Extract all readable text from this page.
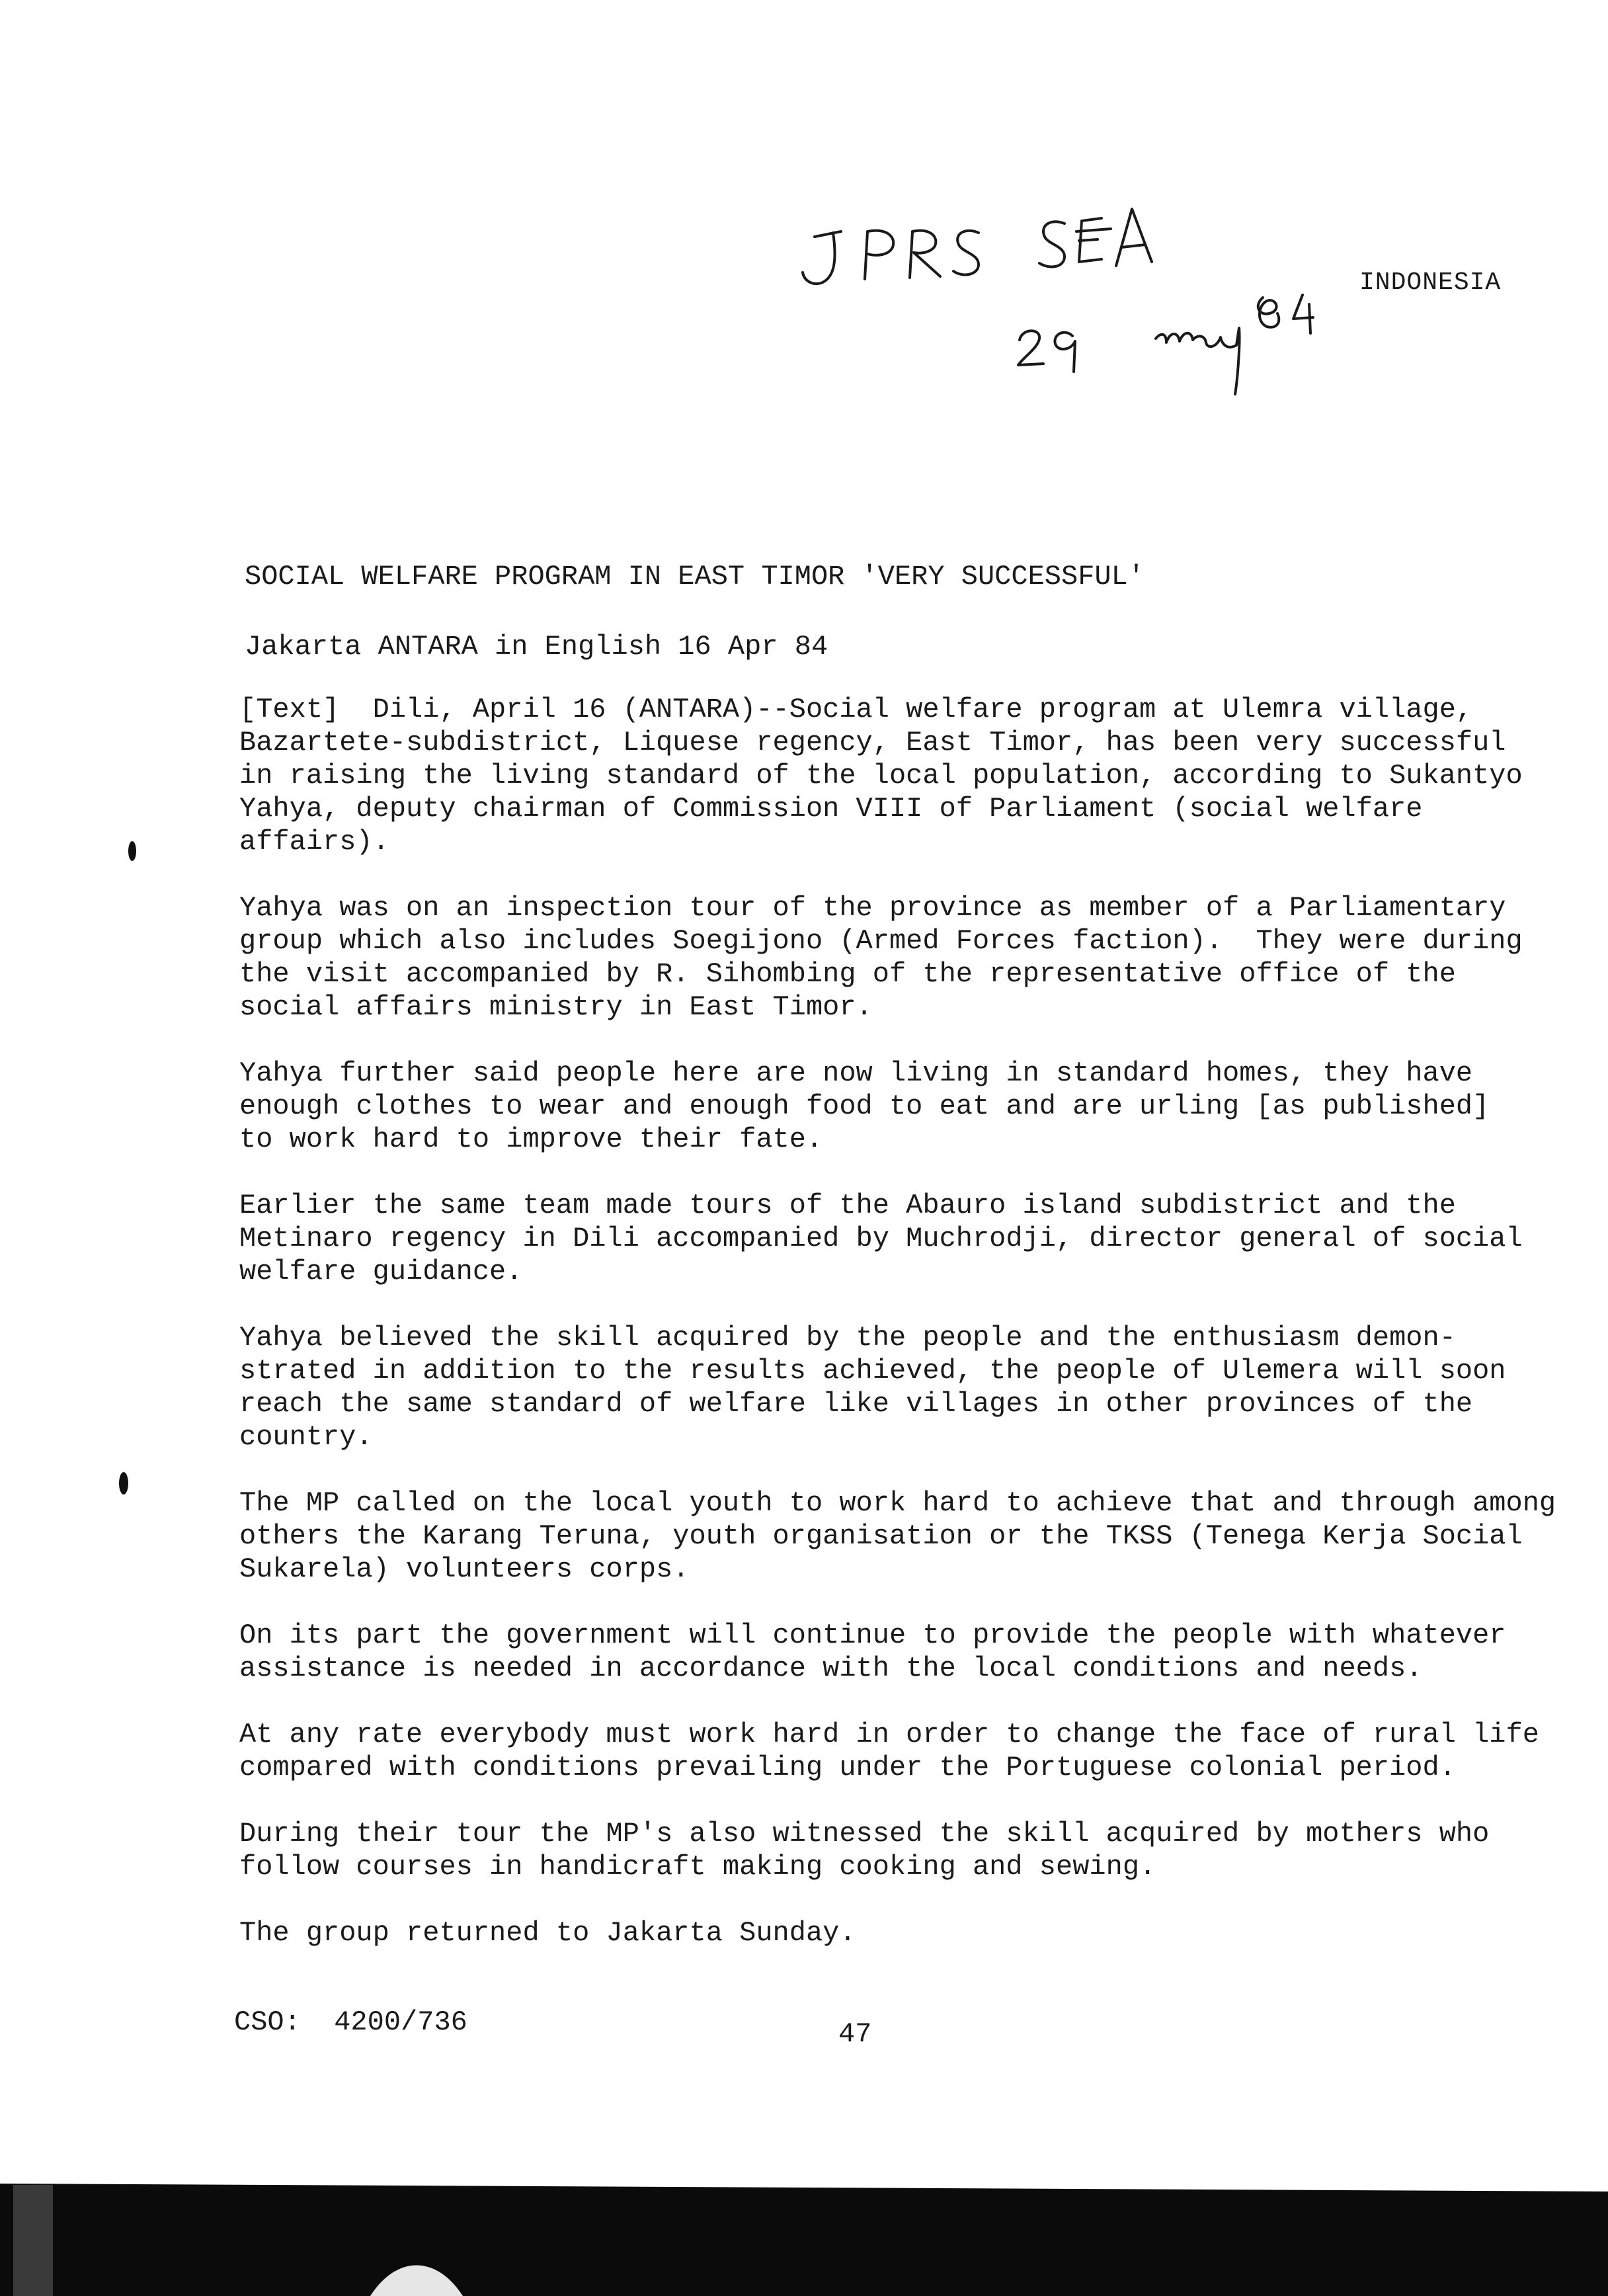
INDONESIA
SOCIAL WELFARE PROGRAM IN EAST TIMOR 'VERY SUCCESSFUL'
Jakarta ANTARA in English 16 Apr 84

[Text]  Dili, April 16 (ANTARA)--Social welfare program at Ulemra village,
Bazartete-subdistrict, Liquese regency, East Timor, has been very successful
in raising the living standard of the local population, according to Sukantyo
Yahya, deputy chairman of Commission VIII of Parliament (social welfare
affairs).

Yahya was on an inspection tour of the province as member of a Parliamentary
group which also includes Soegijono (Armed Forces faction).  They were during
the visit accompanied by R. Sihombing of the representative office of the
social affairs ministry in East Timor.

Yahya further said people here are now living in standard homes, they have
enough clothes to wear and enough food to eat and are urling [as published]
to work hard to improve their fate.

Earlier the same team made tours of the Abauro island subdistrict and the
Metinaro regency in Dili accompanied by Muchrodji, director general of social
welfare guidance.

Yahya believed the skill acquired by the people and the enthusiasm demon-
strated in addition to the results achieved, the people of Ulemera will soon
reach the same standard of welfare like villages in other provinces of the
country.

The MP called on the local youth to work hard to achieve that and through among
others the Karang Teruna, youth organisation or the TKSS (Tenega Kerja Social
Sukarela) volunteers corps.

On its part the government will continue to provide the people with whatever
assistance is needed in accordance with the local conditions and needs.

At any rate everybody must work hard in order to change the face of rural life
compared with conditions prevailing under the Portuguese colonial period.

During their tour the MP's also witnessed the skill acquired by mothers who
follow courses in handicraft making cooking and sewing.

The group returned to Jakarta Sunday.

CSO:  4200/736	47
